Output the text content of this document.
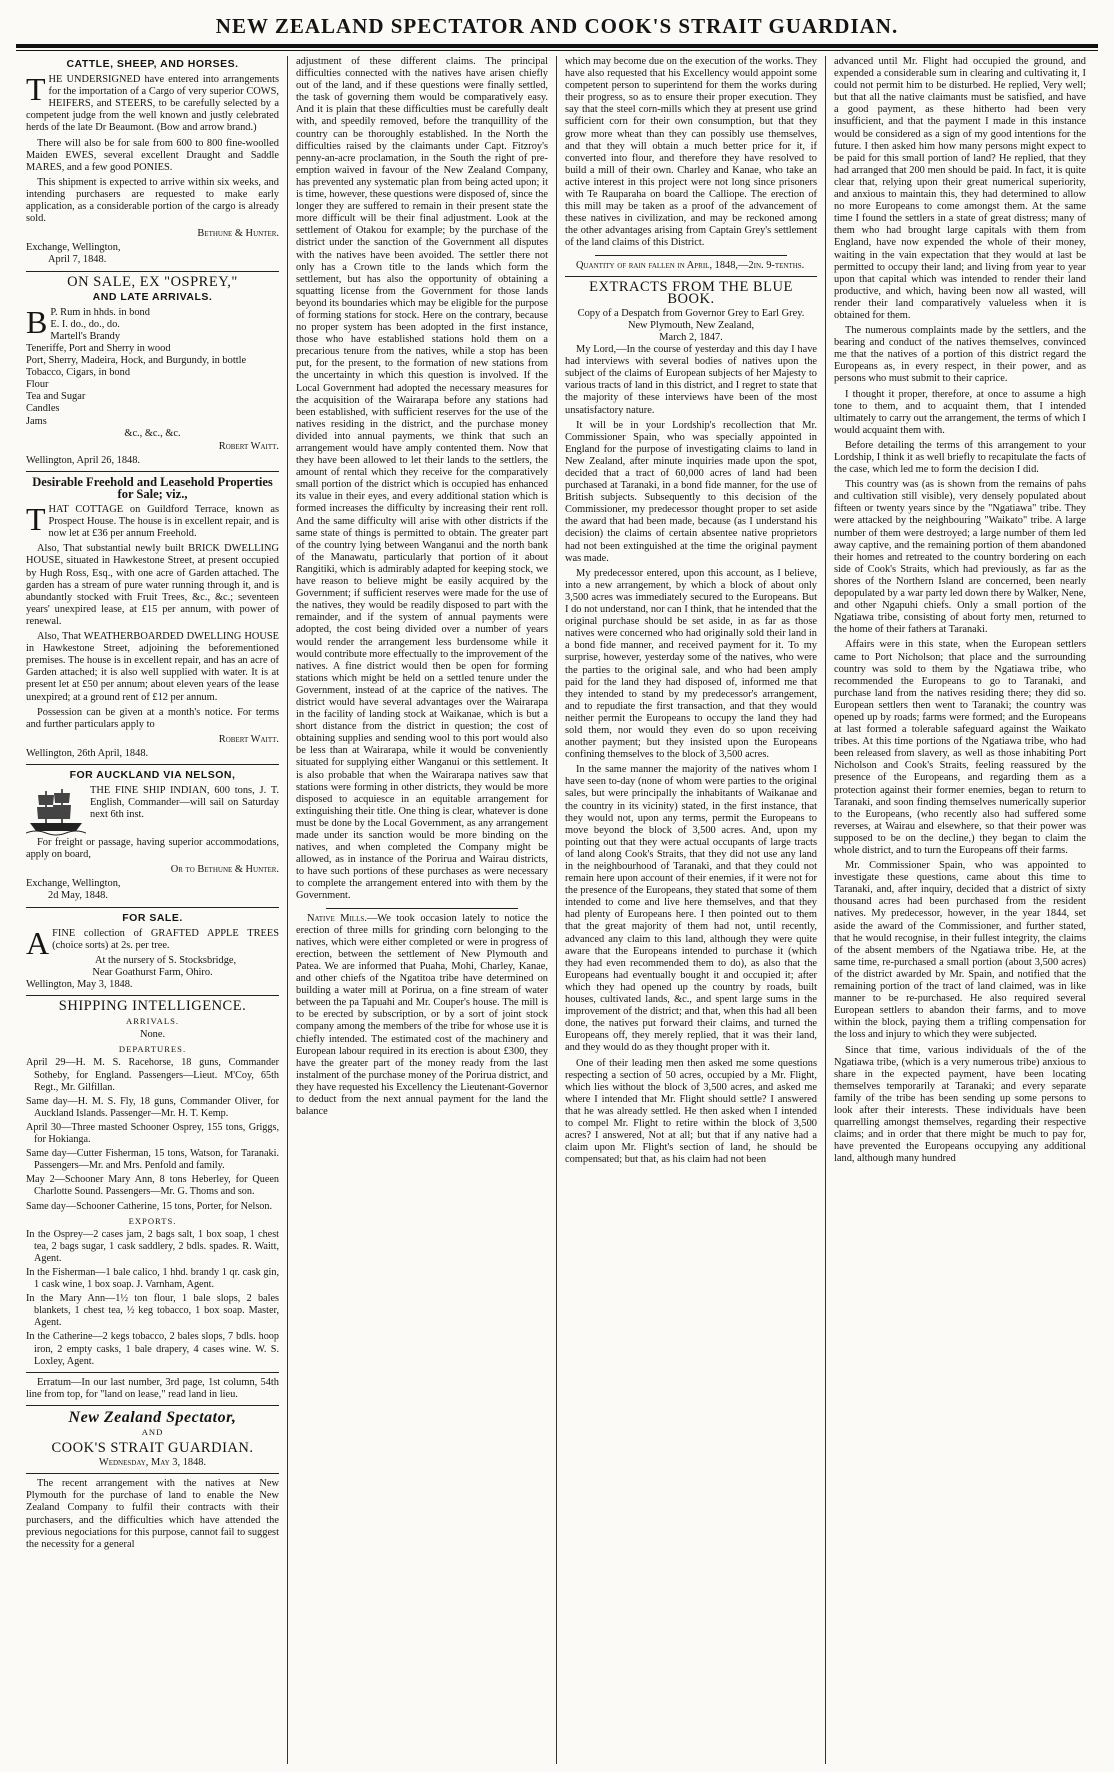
NEW ZEALAND SPECTATOR AND COOK'S STRAIT GUARDIAN.
CATTLE, SHEEP, AND HORSES.

THE UNDERSIGNED have entered into arrangements for the importation of a Cargo of very superior COWS, HEIFERS, and STEERS, to be carefully selected by a competent judge from the well known and justly celebrated herds of the late Dr Beaumont. (Bow and arrow brand.)

There will also be for sale from 600 to 800 fine-woolled Maiden EWES, several excellent Draught and Saddle MARES, and a few good PONIES.

This shipment is expected to arrive within six weeks, and intending purchasers are requested to make early application, as a considerable portion of the cargo is already sold.

Bethune & Hunter.
Exchange, Wellington,
April 7, 1848.
ON SALE, EX "OSPREY,"
AND LATE ARRIVALS.
B P. Rum in hhds. in bond
E. I. do., do., do.
Martell's Brandy
Teneriffe, Port and Sherry in wood
Port, Sherry, Madeira, Hock, and Burgundy, in bottle
Tobacco, Cigars, in bond
Flour
Tea and Sugar
Candles
Jams
&c., &c., &c.
Robert Waitt.
Wellington, April 26, 1848.
Desirable Freehold and Leasehold Properties for Sale; viz.,

THAT COTTAGE on Guildford Terrace, known as Prospect House. The house is in excellent repair, and is now let at £36 per annum Freehold.

Also, That substantial newly built BRICK DWELLING HOUSE, situated in Hawkestone Street, at present occupied by Hugh Ross, Esq., with one acre of Garden attached. The garden has a stream of pure water running through it, and is abundantly stocked with Fruit Trees, &c., &c.; seventeen years' unexpired lease, at £15 per annum, with power of renewal.

Also, That WEATHERBOARDED DWELLING HOUSE in Hawkestone Street, adjoining the beforementioned premises. The house is in excellent repair, and has an acre of Garden attached; it is also well supplied with water. It is at present let at £50 per annum; about eleven years of the lease unexpired; at a ground rent of £12 per annum.

Possession can be given at a month's notice. For terms and further particulars apply to

Robert Waitt.
Wellington, 26th April, 1848.
FOR AUCKLAND VIA NELSON,
THE FINE SHIP INDIAN, 600 tons, J. T. English, Commander—will sail on Saturday next 6th inst.

For freight or passage, having superior accommodations, apply on board,

Or to Bethune & Hunter.
Exchange, Wellington,
2d May, 1848.
FOR SALE.

AFINE collection of GRAFTED APPLE TREES (choice sorts) at 2s. per tree.

At the nursery of S. Stocksbridge,
Near Goathurst Farm, Ohiro.
Wellington, May 3, 1848.
SHIPPING INTELLIGENCE.
ARRIVALS.
None.
DEPARTURES.
April 29—H. M. S. Racehorse, 18 guns, Commander Sotheby, for England. Passengers—Lieut. M'Coy, 65th Regt., Mr. Gilfillan.
Same day—H. M. S. Fly, 18 guns, Commander Oliver, for Auckland Islands. Passenger—Mr. H. T. Kemp.
April 30—Three masted Schooner Osprey, 155 tons, Griggs, for Hokianga.
Same day—Cutter Fisherman, 15 tons, Watson, for Taranaki. Passengers—Mr. and Mrs. Penfold and family.
May 2—Schooner Mary Ann, 8 tons Heberley, for Queen Charlotte Sound. Passengers—Mr. G. Thoms and son.
Same day—Schooner Catherine, 15 tons, Porter, for Nelson.
EXPORTS.
In the Osprey—2 cases jam, 2 bags salt, 1 box soap, 1 chest tea, 2 bags sugar, 1 cask saddlery, 2 bdls. spades. R. Waitt, Agent.
In the Fisherman—1 bale calico, 1 hhd. brandy 1 qr. cask gin, 1 cask wine, 1 box soap. J. Varnham, Agent.
In the Mary Ann—1½ ton flour, 1 bale slops, 2 bales blankets, 1 chest tea, ½ keg tobacco, 1 box soap. Master, Agent.
In the Catherine—2 kegs tobacco, 2 bales slops, 7 bdls. hoop iron, 2 empty casks, 1 bale drapery, 4 cases wine. W. S. Loxley, Agent.

Erratum—In our last number, 3rd page, 1st column, 54th line from top, for "land on lease," read land in lieu.

New Zealand Spectator,
AND
COOK'S STRAIT GUARDIAN.
Wednesday, May 3, 1848.

The recent arrangement with the natives at New Plymouth for the purchase of land to enable the New Zealand Company to fulfil their contracts with their purchasers, and the difficulties which have attended the previous negociations for this purpose, cannot fail to suggest the necessity for a general

adjustment of these different claims. The principal difficulties connected with the natives have arisen chiefly out of the land, and if these questions were finally settled, the task of governing them would be comparatively easy. And it is plain that these difficulties must be carefully dealt with, and speedily removed, before the tranquillity of the country can be thoroughly established. In the North the difficulties raised by the claimants under Capt. Fitzroy's penny-an-acre proclamation, in the South the right of pre-emption waived in favour of the New Zealand Company, has prevented any systematic plan from being acted upon; it is time, however, these questions were disposed of, since the longer they are suffered to remain in their present state the more difficult will be their final adjustment. Look at the settlement of Otakou for example; by the purchase of the district under the sanction of the Government all disputes with the natives have been avoided. The settler there not only has a Crown title to the lands which form the settlement, but has also the opportunity of obtaining a squatting license from the Government for those lands beyond its boundaries which may be eligible for the purpose of forming stations for stock. Here on the contrary, because no proper system has been adopted in the first instance, those who have established stations hold them on a precarious tenure from the natives, while a stop has been put, for the present, to the formation of new stations from the uncertainty in which this question is involved. If the Local Government had adopted the necessary measures for the acquisition of the Wairarapa before any stations had been established, with sufficient reserves for the use of the natives residing in the district, and the purchase money divided into annual payments, we think that such an arrangement would have amply contented them. Now that they have been allowed to let their lands to the settlers, the amount of rental which they receive for the comparatively small portion of the district which is occupied has enhanced its value in their eyes, and every additional station which is formed increases the difficulty by increasing their rent roll. And the same difficulty will arise with other districts if the same state of things is permitted to obtain. The greater part of the country lying between Wanganui and the north bank of the Manawatu, particularly that portion of it about Rangitiki, which is admirably adapted for keeping stock, we have reason to believe might be easily acquired by the Government; if sufficient reserves were made for the use of the natives, they would be readily disposed to part with the remainder, and if the system of annual payments were adopted, the cost being divided over a number of years would render the arrangement less burdensome while it would contribute more effectually to the improvement of the natives. A fine district would then be open for forming stations which might be held on a settled tenure under the Government, instead of at the caprice of the natives. The district would have several advantages over the Wairarapa in the facility of landing stock at Waikanae, which is but a short distance from the district in question; the cost of obtaining supplies and sending wool to this port would also be less than at Wairarapa, while it would be conveniently situated for supplying either Wanganui or this settlement. It is also probable that when the Wairarapa natives saw that stations were forming in other districts, they would be more disposed to acquiesce in an equitable arrangement for extinguishing their title. One thing is clear, whatever is done must be done by the Local Government, as any arrangement made under its sanction would be more binding on the natives, and when completed the Company might be allowed, as in instance of the Porirua and Wairau districts, to have such portions of these purchases as were necessary to complete the arrangement entered into with them by the Government.

Native Mills.—We took occasion lately to notice the erection of three mills for grinding corn belonging to the natives, which were either completed or were in progress of erection, between the settlement of New Plymouth and Patea. We are informed that Puaha, Mohi, Charley, Kanae, and other chiefs of the Ngatitoa tribe have determined on building a water mill at Porirua, on a fine stream of water between the pa Tapuahi and Mr. Couper's house. The mill is to be erected by subscription, or by a sort of joint stock company among the members of the tribe for whose use it is chiefly intended. The estimated cost of the machinery and European labour required in its erection is about £300, they have the greater part of the money ready from the last instalment of the purchase money of the Porirua district, and they have requested his Excellency the Lieutenant-Governor to deduct from the next annual payment for the land the balance

which may become due on the execution of the works. They have also requested that his Excellency would appoint some competent person to superintend for them the works during their progress, so as to ensure their proper execution. They say that the steel corn-mills which they at present use grind sufficient corn for their own consumption, but that they grow more wheat than they can possibly use themselves, and that they will obtain a much better price for it, if converted into flour, and therefore they have resolved to build a mill of their own. Charley and Kanae, who take an active interest in this project were not long since prisoners with Te Rauparaha on board the Calliope. The erection of this mill may be taken as a proof of the advancement of these natives in civilization, and may be reckoned among the other advantages arising from Captain Grey's settlement of the land claims of this District.

Quantity of rain fallen in April, 1848,—2in. 9-tenths.

EXTRACTS FROM THE BLUE BOOK.
Copy of a Despatch from Governor Grey to Earl Grey.
New Plymouth, New Zealand,
March 2, 1847.

My Lord,—In the course of yesterday and this day I have had interviews with several bodies of natives upon the subject of the claims of European subjects of her Majesty to various tracts of land in this district, and I regret to state that the majority of these interviews have been of the most unsatisfactory nature.

It will be in your Lordship's recollection that Mr. Commissioner Spain, who was specially appointed in England for the purpose of investigating claims to land in New Zealand, after minute inquiries made upon the spot, decided that a tract of 60,000 acres of land had been purchased at Taranaki, in a bond fide manner, for the use of British subjects. Subsequently to this decision of the Commissioner, my predecessor thought proper to set aside the award that had been made, because (as I understand his decision) the claims of certain absentee native proprietors had not been extinguished at the time the original payment was made.

My predecessor entered, upon this account, as I believe, into a new arrangement, by which a block of about only 3,500 acres was immediately secured to the Europeans. But I do not understand, nor can I think, that he intended that the original purchase should be set aside, in as far as those natives were concerned who had originally sold their land in a bond fide manner, and received payment for it. To my surprise, however, yesterday some of the natives, who were the parties to the original sale, and who had been amply paid for the land they had disposed of, informed me that they intended to stand by my predecessor's arrangement, and to repudiate the first transaction, and that they would neither permit the Europeans to occupy the land they had sold them, nor would they even do so upon receiving another payment; but they insisted upon the Europeans confining themselves to the block of 3,500 acres.

In the same manner the majority of the natives whom I have seen to-day (none of whom were parties to the original sales, but were principally the inhabitants of Waikanae and the country in its vicinity) stated, in the first instance, that they would not, upon any terms, permit the Europeans to move beyond the block of 3,500 acres. And, upon my pointing out that they were actual occupants of large tracts of land along Cook's Straits, that they did not use any land in the neighbourhood of Taranaki, and that they could not remain here upon account of their enemies, if it were not for the presence of the Europeans, they stated that some of them intended to come and live here themselves, and that they had plenty of Europeans here. I then pointed out to them that the great majority of them had not, until recently, advanced any claim to this land, although they were quite aware that the Europeans intended to purchase it (which they had even recommended them to do), as also that the Europeans had eventually bought it and occupied it; after which they had opened up the country by roads, built houses, cultivated lands, &c., and spent large sums in the improvement of the district; and that, when this had all been done, the natives put forward their claims, and turned the Europeans off, they merely replied, that it was their land, and they would do as they thought proper with it.

One of their leading men then asked me some questions respecting a section of 50 acres, occupied by a Mr. Flight, which lies without the block of 3,500 acres, and asked me where I intended that Mr. Flight should settle? I answered that he was already settled. He then asked when I intended to compel Mr. Flight to retire within the block of 3,500 acres? I answered, Not at all; but that if any native had a claim upon Mr. Flight's section of land, he should be compensated; but that, as his claim had not been

advanced until Mr. Flight had occupied the ground, and expended a considerable sum in clearing and cultivating it, I could not permit him to be disturbed. He replied, Very well; but that all the native claimants must be satisfied, and have a good payment, as these hitherto had been very insufficient, and that the payment I made in this instance would be considered as a sign of my good intentions for the future. I then asked him how many persons might expect to be paid for this small portion of land? He replied, that they had arranged that 200 men should be paid. In fact, it is quite clear that, relying upon their great numerical superiority, and anxious to maintain this, they had determined to allow no more Europeans to come amongst them. At the same time I found the settlers in a state of great distress; many of them who had brought large capitals with them from England, have now expended the whole of their money, waiting in the vain expectation that they would at last be permitted to occupy their land; and living from year to year upon that capital which was intended to render their land productive, and which, having been now all wasted, will render their land comparatively valueless when it is obtained for them.

The numerous complaints made by the settlers, and the bearing and conduct of the natives themselves, convinced me that the natives of a portion of this district regard the Europeans as, in every respect, in their power, and as persons who must submit to their caprice.

I thought it proper, therefore, at once to assume a high tone to them, and to acquaint them, that I intended ultimately to carry out the arrangement, the terms of which I would acquaint them with.

Before detailing the terms of this arrangement to your Lordship, I think it as well briefly to recapitulate the facts of the case, which led me to form the decision I did.

This country was (as is shown from the remains of pahs and cultivation still visible), very densely populated about fifteen or twenty years since by the "Ngatiawa" tribe. They were attacked by the neighbouring "Waikato" tribe. A large number of them were destroyed; a large number of them led away captive, and the remaining portion of them abandoned their homes and retreated to the country bordering on each side of Cook's Straits, which had previously, as far as the shores of the Northern Island are concerned, been nearly depopulated by a war party led down there by Walker, Nene, and other Ngapuhi chiefs. Only a small portion of the Ngatiawa tribe, consisting of about forty men, returned to the home of their fathers at Taranaki.

Affairs were in this state, when the European settlers came to Port Nicholson; that place and the surrounding country was sold to them by the Ngatiawa tribe, who recommended the Europeans to go to Taranaki, and purchase land from the natives residing there; they did so. European settlers then went to Taranaki; the country was opened up by roads; farms were formed; and the Europeans at last formed a tolerable safeguard against the Waikato tribes. At this time portions of the Ngatiawa tribe, who had been released from slavery, as well as those inhabiting Port Nicholson and Cook's Straits, feeling reassured by the presence of the Europeans, and regarding them as a protection against their former enemies, began to return to Taranaki, and soon finding themselves numerically superior to the Europeans, (who recently also had suffered some reverses, at Wairau and elsewhere, so that their power was supposed to be on the decline,) they began to claim the whole district, and to turn the Europeans off their farms.

Mr. Commissioner Spain, who was appointed to investigate these questions, came about this time to Taranaki, and, after inquiry, decided that a district of sixty thousand acres had been purchased from the resident natives. My predecessor, however, in the year 1844, set aside the award of the Commissioner, and further stated, that he would recognise, in their fullest integrity, the claims of the absent members of the Ngatiawa tribe. He, at the same time, re-purchased a small portion (about 3,500 acres) of the district awarded by Mr. Spain, and notified that the remaining portion of the tract of land claimed, was in like manner to be re-purchased. He also required several European settlers to abandon their farms, and to move within the block, paying them a trifling compensation for the loss and injury to which they were subjected.

Since that time, various individuals of the of the Ngatiawa tribe, (which is a very numerous tribe) anxious to share in the expected payment, have been locating themselves temporarily at Taranaki; and every separate family of the tribe has been sending up some persons to look after their interests. These individuals have been quarrelling amongst themselves, regarding their respective claims; and in order that there might be much to pay for, have prevented the Europeans occupying any additional land, although many hundred
